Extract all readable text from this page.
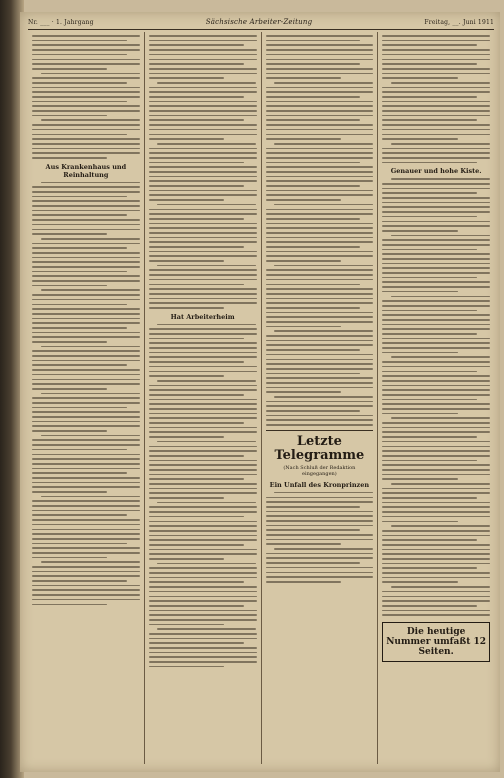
Nr. ___ · 1. Jahrgang	Sächsische Arbeiter-Zeitung	Freitag, __. Juni 1911
Aus Krankenhaus und Reinhaltung
Hat Arbeiterheim
Letzte Telegramme
(Nach Schluß der Redaktion eingegangen)
Ein Unfall des Kronprinzen
Genauer und hohe Kiste.
Die heutige Nummer umfaßt 12 Seiten.
